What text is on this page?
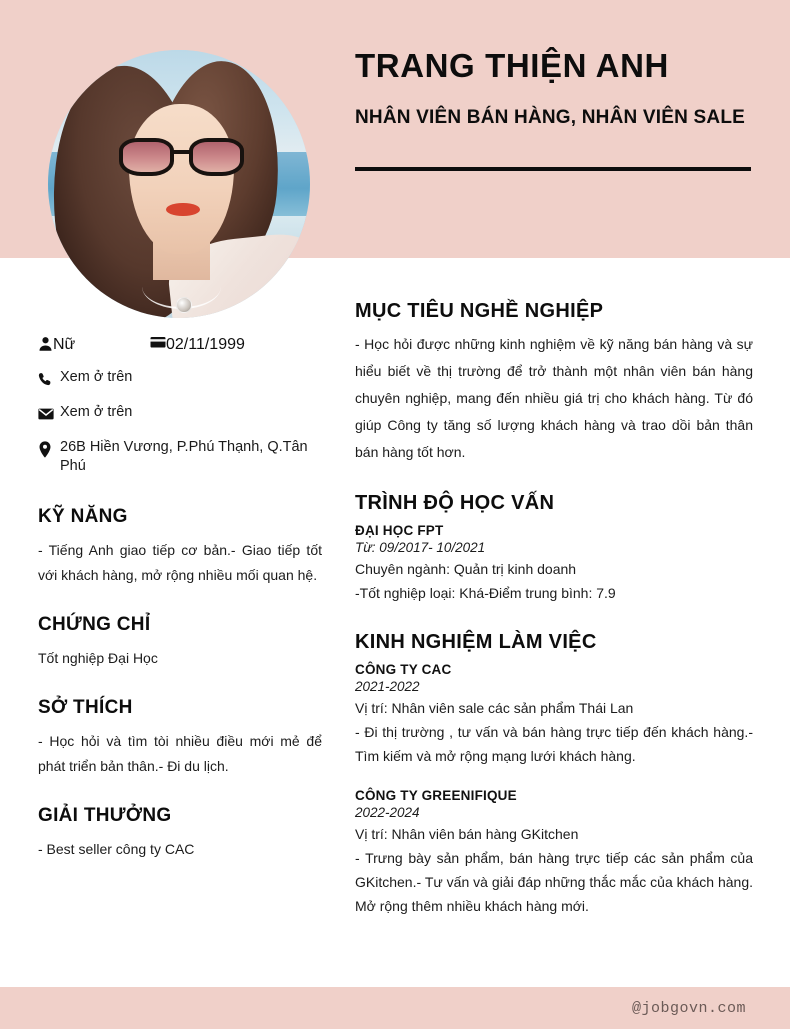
TRANG THIỆN ANH
NHÂN VIÊN BÁN HÀNG, NHÂN VIÊN SALE
Nữ	02/11/1999
Xem ở trên
Xem ở trên
26B Hiền Vương, P.Phú Thạnh, Q.Tân Phú
KỸ NĂNG

- Tiếng Anh giao tiếp cơ bản.- Giao tiếp tốt với khách hàng, mở rộng nhiều mối quan hệ.

CHỨNG CHỈ

Tốt nghiệp Đại Học

SỞ THÍCH

- Học hỏi và tìm tòi nhiều điều mới mẻ để phát triển bản thân.- Đi du lịch.

GIẢI THƯỞNG

- Best seller công ty CAC

MỤC TIÊU NGHỀ NGHIỆP

- Học hỏi được những kinh nghiệm về kỹ năng bán hàng và sự hiểu biết về thị trường để trở thành một nhân viên bán hàng chuyên nghiệp, mang đến nhiều giá trị cho khách hàng. Từ đó giúp Công ty tăng số lượng khách hàng và trao dồi bản thân bán hàng tốt hơn.

TRÌNH ĐỘ HỌC VẤN

ĐẠI HỌC FPT

Từ: 09/2017- 10/2021

Chuyên ngành: Quản trị kinh doanh

-Tốt nghiệp loại: Khá-Điểm trung bình: 7.9

KINH NGHIỆM LÀM VIỆC

CÔNG TY CAC

2021-2022

Vị trí: Nhân viên sale các sản phẩm Thái Lan

- Đi thị trường , tư vấn và bán hàng trực tiếp đến khách hàng.- Tìm kiếm và mở rộng mạng lưới khách hàng.

CÔNG TY GREENIFIQUE

2022-2024

Vị trí: Nhân viên bán hàng GKitchen

- Trưng bày sản phẩm, bán hàng trực tiếp các sản phẩm của GKitchen.- Tư vấn và giải đáp những thắc mắc của khách hàng. Mở rộng thêm nhiều khách hàng mới.

@jobgovn.com
